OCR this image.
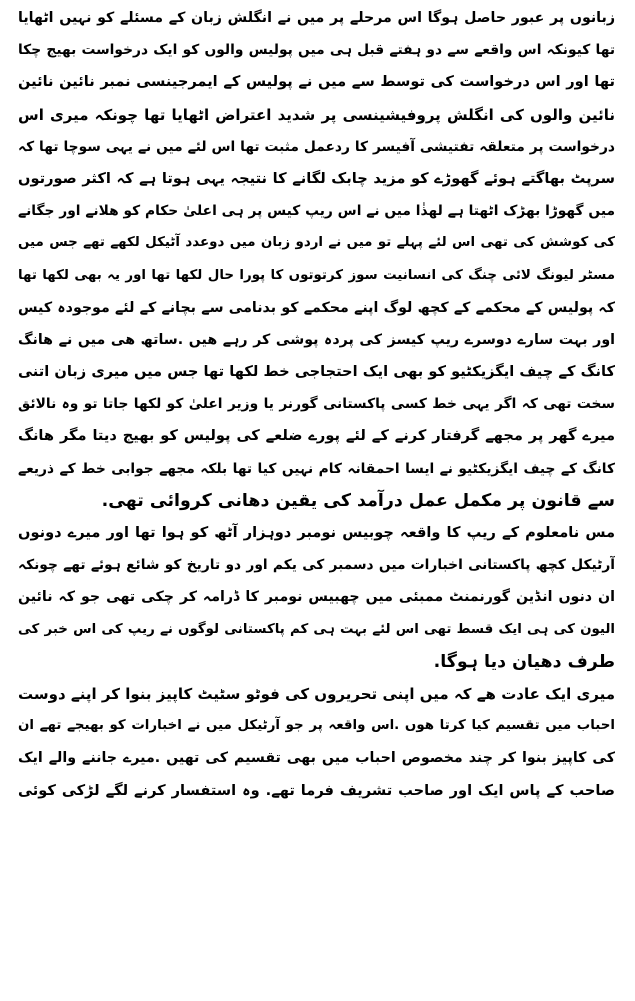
زبانوں پر عبور حاصل ہوگا اس مرحلے پر میں نے انگلش زبان کے مسئلے کو نہیں اٹھایا
تھا کیونکہ اس واقعے سے دو ہفتے قبل ہی میں پولیس والوں کو ایک درخواست بھیج چکا
تھا اور اس درخواست کی توسط سے میں نے پولیس کے ایمرجینسی نمبر نائین نائین
نائین والوں کی انگلش پروفیشینسی پر شدید اعتراض اٹھایا تھا چونکہ میری اس
درخواست پر متعلقہ تفتیشی آفیسر کا ردعمل مثبت تھا اس لئے میں نے یہی سوچا تھا کہ
سرپٹ بھاگتے ہوئے گھوڑے کو مزید چابک لگانے کا نتیجہ یہی ہوتا ہے کہ اکثر صورتوں
میں گھوڑا بھڑک اٹھتا ہے لھذٰا میں نے اس ریپ کیس پر ہی اعلیٰ حکام کو ھلانے اور جگانے
کی کوشش کی تھی اس لئے پہلے تو میں نے اردو زبان میں دوعدد آٹیکل لکھے تھے جس میں
مسٹر لیونگ لائی چنگ کی انسانیت سوز کرتوتوں کا پورا حال لکھا تھا اور یہ بھی لکھا تھا
کہ پولیس کے محکمے کے کچھ لوگ اپنے محکمے کو بدنامی سے بچانے کے لئے موجودہ کیس
اور بہت سارے دوسرے ریپ کیسز کی پردہ پوشی کر رہے ھیں .ساتھ ھی میں نے ھانگ
کانگ کے چیف ایگزیکٹیو کو بھی ایک احتجاجی خط لکھا تھا جس میں میری زبان اتنی
سخت تھی کہ اگر یہی خط کسی پاکستانی گورنر یا وزیر اعلیٰ کو لکھا جاتا تو وہ نالائق
میرے گھر پر مجھے گرفتار کرنے کے لئے پورے ضلعے کی پولیس کو بھیج دیتا مگر ھانگ
کانگ کے چیف ایگزیکٹیو نے ایسا احمقانہ کام نہیں کیا تھا بلکہ مجھے جوابی خط کے ذریعے
سے قانون پر مکمل عمل درآمد کی یقین دھانی کروائی تھی.
مس نامعلوم کے ریپ کا واقعہ چوبیس نومبر دوہزار آٹھ کو ہوا تھا اور میرے دونوں
آرٹیکل کچھ پاکستانی اخبارات میں دسمبر کی یکم اور دو تاریخ کو شائع ہوئے تھے چونکہ
ان دنوں انڈین گورنمنٹ ممبئی میں چھبیس نومبر کا ڈرامہ کر چکی تھی جو کہ نائین
الیون کی ہی ایک قسط تھی اس لئے بہت ہی کم پاکستانی لوگوں نے ریپ کی اس خبر کی
طرف دھیان دیا ہوگا.
میری ایک عادت ھے کہ میں اپنی تحریروں کی فوٹو سٹیٹ کاپیز بنوا کر اپنے دوست
احباب میں تقسیم کیا کرتا ھوں .اس واقعہ پر جو آرٹیکل میں نے اخبارات کو بھیجے تھے ان
کی کاپیز بنوا کر چند مخصوص احباب میں بھی تقسیم کی تھیں .میرے جاننے والے ایک
صاحب کے پاس ایک اور صاحب تشریف فرما تھے. وہ استفسار کرنے لگے لڑکی کوئی
